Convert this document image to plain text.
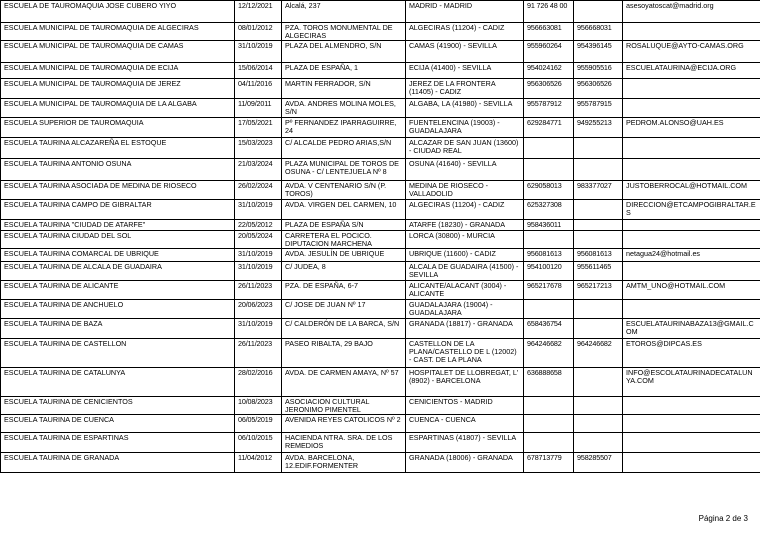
ESCUELA DE TAUROMAQUIA JOSE CUBERO YIYO	12/12/2021	Alcalá, 237	MADRID - MADRID	91 726 48 00		asesoyatoscat@madrid.org
ESCUELA MUNICIPAL DE TAUROMAQUIA DE ALGECIRAS	08/01/2012	PZA. TOROS MONUMENTAL DE ALGECIRAS	ALGECIRAS (11204) - CADIZ	956663081	956668031	
ESCUELA MUNICIPAL DE TAUROMAQUIA DE CAMAS	31/10/2019	PLAZA DEL ALMENDRO, S/N	CAMAS (41900) - SEVILLA	955960264	954396145	ROSALUQUE@AYTO-CAMAS.ORG
ESCUELA MUNICIPAL DE TAUROMAQUIA DE ECIJA	15/06/2014	PLAZA DE ESPAÑA, 1	ECIJA (41400) - SEVILLA	954024162	955905516	ESCUELATAURINA@ECIJA.ORG
ESCUELA MUNICIPAL DE TAUROMAQUIA DE JEREZ	04/11/2016	MARTIN FERRADOR, S/N	JEREZ DE LA FRONTERA (11405) - CADIZ	956306526	956306526	
ESCUELA MUNICIPAL DE TAUROMAQUIA DE LA ALGABA	11/09/2011	AVDA. ANDRES MOLINA MOLES, S/N	ALGABA, LA (41980) - SEVILLA	955787912	955787915	
ESCUELA SUPERIOR DE TAUROMAQUIA	17/05/2021	Pº FERNANDEZ IPARRAGUIRRE, 24	FUENTELENCINA (19003) - GUADALAJARA	629284771	949255213	PEDROM.ALONSO@UAH.ES
ESCUELA TAURINA ALCAZAREÑA EL ESTOQUE	15/03/2023	C/ ALCALDE PEDRO ARIAS,S/N	ALCAZAR DE SAN JUAN (13600) - CIUDAD REAL			
ESCUELA TAURINA ANTONIO OSUNA	21/03/2024	PLAZA MUNICIPAL DE TOROS DE OSUNA - C/ LENTEJUELA Nº 8	OSUNA (41640) - SEVILLA			
ESCUELA TAURINA ASOCIADA DE MEDINA DE RIOSECO	26/02/2024	AVDA. V CENTENARIO S/N (P. TOROS)	MEDINA DE RIOSECO - VALLADOLID	629058013	983377027	JUSTOBERROCAL@HOTMAIL.COM
ESCUELA TAURINA CAMPO DE GIBRALTAR	31/10/2019	AVDA. VIRGEN DEL CARMEN, 10	ALGECIRAS (11204) - CADIZ	625327308		DIRECCION@ETCAMPOGIBRALTAR.ES
ESCUELA TAURINA "CIUDAD DE ATARFE"	22/05/2012	PLAZA DE ESPAÑA S/N	ATARFE (18230) - GRANADA	958436011		
ESCUELA TAURINA CIUDAD DEL SOL	20/05/2024	CARRETERA EL POCICO. DIPUTACION MARCHENA	LORCA (30800) - MURCIA			
ESCUELA TAURINA COMARCAL DE UBRIQUE	31/10/2019	AVDA. JESULÍN DE UBRIQUE	UBRIQUE (11600) - CADIZ	956081613	956081613	netagua24@hotmail.es
ESCUELA TAURINA DE ALCALA DE GUADAIRA	31/10/2019	C/ JUDEA, 8	ALCALA DE GUADAIRA (41500) - SEVILLA	954100120	955611465	
ESCUELA TAURINA DE ALICANTE	26/11/2023	PZA. DE ESPAÑA, 6-7	ALICANTE/ALACANT (3004) - ALICANTE	965217678	965217213	AMTM_UNO@HOTMAIL.COM
ESCUELA TAURINA DE ANCHUELO	20/06/2023	C/ JOSE DE JUAN Nº 17	GUADALAJARA (19004) - GUADALAJARA			
ESCUELA TAURINA DE BAZA	31/10/2019	C/ CALDERÓN DE LA BARCA, S/N	GRANADA (18817) - GRANADA	658436754		ESCUELATAURINABAZA13@GMAIL.COM
ESCUELA TAURINA DE CASTELLON	26/11/2023	PASEO RIBALTA, 29 BAJO	CASTELLON DE LA PLANA/CASTELLO DE L (12002) - CAST. DE LA PLANA	964246682	964246682	ETOROS@DIPCAS.ES
ESCUELA TAURINA DE CATALUNYA	28/02/2016	AVDA. DE CARMEN AMAYA, Nº 57	HOSPITALET DE LLOBREGAT, L' (8902) - BARCELONA	636888658		INFO@ESCOLATAURINADECATALUNYA.COM
ESCUELA TAURINA DE CENICIENTOS	10/08/2023	ASOCIACION CULTURAL JERONIMO PIMENTEL	CENICIENTOS - MADRID			
ESCUELA TAURINA DE CUENCA	06/05/2019	AVENIDA REYES CATOLICOS Nº 2	CUENCA - CUENCA			
ESCUELA TAURINA DE ESPARTINAS	06/10/2015	HACIENDA NTRA. SRA. DE LOS REMEDIOS	ESPARTINAS (41807) - SEVILLA			
ESCUELA TAURINA DE GRANADA	11/04/2012	AVDA. BARCELONA, 12.EDIF.FORMENTER	GRANADA (18006) - GRANADA	678713779	958285507	
Página 2 de 3
